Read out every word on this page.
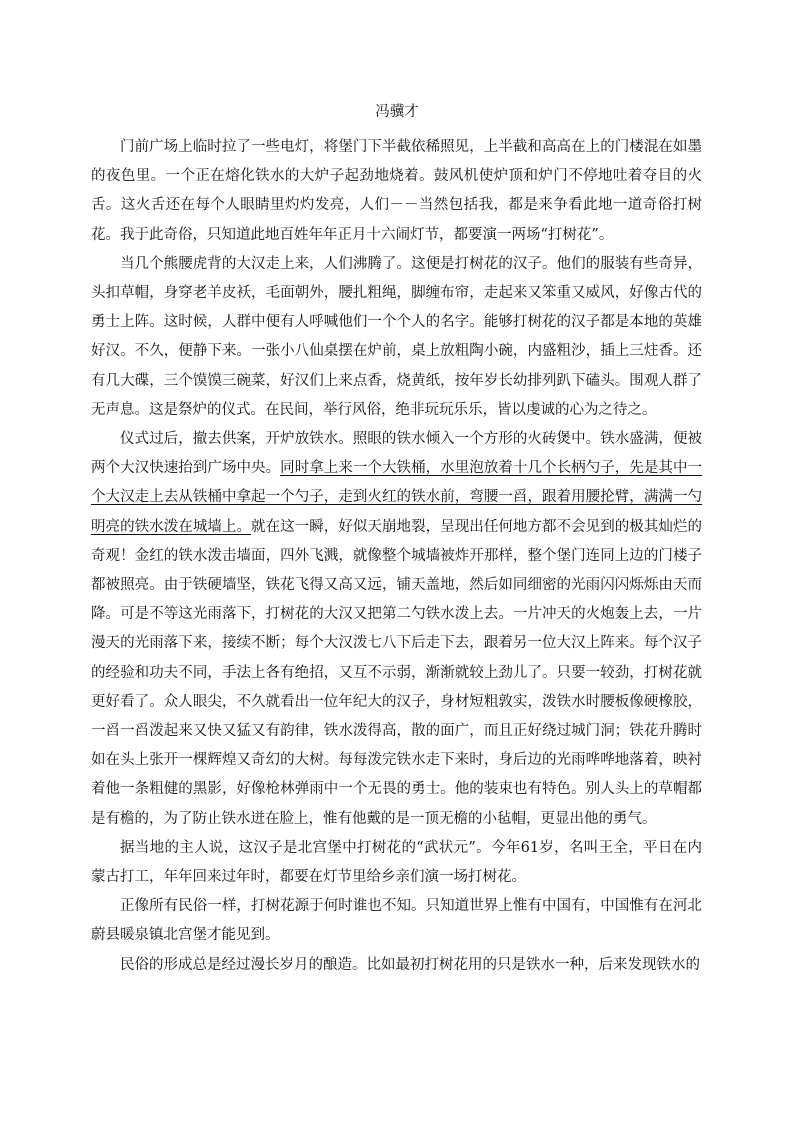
冯骥才

门前广场上临时拉了一些电灯，将堡门下半截依稀照见，上半截和高高在上的门楼混在如墨的夜色里。一个正在熔化铁水的大炉子起劲地烧着。鼓风机使炉顶和炉门不停地吐着夺目的火舌。这火舌还在每个人眼睛里灼灼发亮，人们－－当然包括我，都是来争看此地一道奇俗打树花。我于此奇俗，只知道此地百姓年年正月十六闹灯节，都要演一两场“打树花”。

当几个熊腰虎背的大汉走上来，人们沸腾了。这便是打树花的汉子。他们的服装有些奇异，头扣草帽，身穿老羊皮袄，毛面朝外，腰扎粗绳，脚缠布帘，走起来又笨重又威风，好像古代的勇士上阵。这时候，人群中便有人呼喊他们一个个人的名字。能够打树花的汉子都是本地的英雄好汉。不久，便静下来。一张小八仙桌摆在炉前，桌上放粗陶小碗，内盛粗沙，插上三炷香。还有几大碟，三个馍馍三碗菜，好汉们上来点香，烧黄纸，按年岁长幼排列趴下磕头。围观人群了无声息。这是祭炉的仪式。在民间，举行风俗，绝非玩玩乐乐，皆以虔诚的心为之待之。

仪式过后，撤去供案，开炉放铁水。照眼的铁水倾入一个方形的火砖煲中。铁水盛满，便被两个大汉快速抬到广场中央。同时拿上来一个大铁桶，水里泡放着十几个长柄勺子，先是其中一个大汉走上去从铁桶中拿起一个勺子，走到火红的铁水前，弯腰一舀，跟着用腰抡臂，满满一勺明亮的铁水泼在城墙上。就在这一瞬，好似天崩地裂，呈现出任何地方都不会见到的极其灿烂的奇观！金红的铁水泼击墙面，四外飞溅，就像整个城墙被炸开那样，整个堡门连同上边的门楼子都被照亮。由于铁硬墙坚，铁花飞得又高又远，铺天盖地，然后如同细密的光雨闪闪烁烁由天而降。可是不等这光雨落下，打树花的大汉又把第二勺铁水泼上去。一片冲天的火炮轰上去，一片漫天的光雨落下来，接续不断；每个大汉泼七八下后走下去，跟着另一位大汉上阵来。每个汉子的经验和功夫不同，手法上各有绝招，又互不示弱，渐渐就较上劲儿了。只要一较劲，打树花就更好看了。众人眼尖，不久就看出一位年纪大的汉子，身材短粗敦实，泼铁水时腰板像硬橡胶，一舀一舀泼起来又快又猛又有韵律，铁水泼得高，散的面广，而且正好绕过城门洞；铁花升腾时如在头上张开一棵辉煌又奇幻的大树。每每泼完铁水走下来时，身后边的光雨哗哗地落着，映衬着他一条粗健的黑影，好像枪林弹雨中一个无畏的勇士。他的装束也有特色。别人头上的草帽都是有檐的，为了防止铁水迸在脸上，惟有他戴的是一顶无檐的小毡帽，更显出他的勇气。

据当地的主人说，这汉子是北宫堡中打树花的“武状元”。今年61岁，名叫王全，平日在内蒙古打工，年年回来过年时，都要在灯节里给乡亲们演一场打树花。

正像所有民俗一样，打树花源于何时谁也不知。只知道世界上惟有中国有，中国惟有在河北蔚县暖泉镇北宫堡才能见到。

民俗的形成总是经过漫长岁月的酿造。比如最初打树花用的只是铁水一种，后来发现铁水的
